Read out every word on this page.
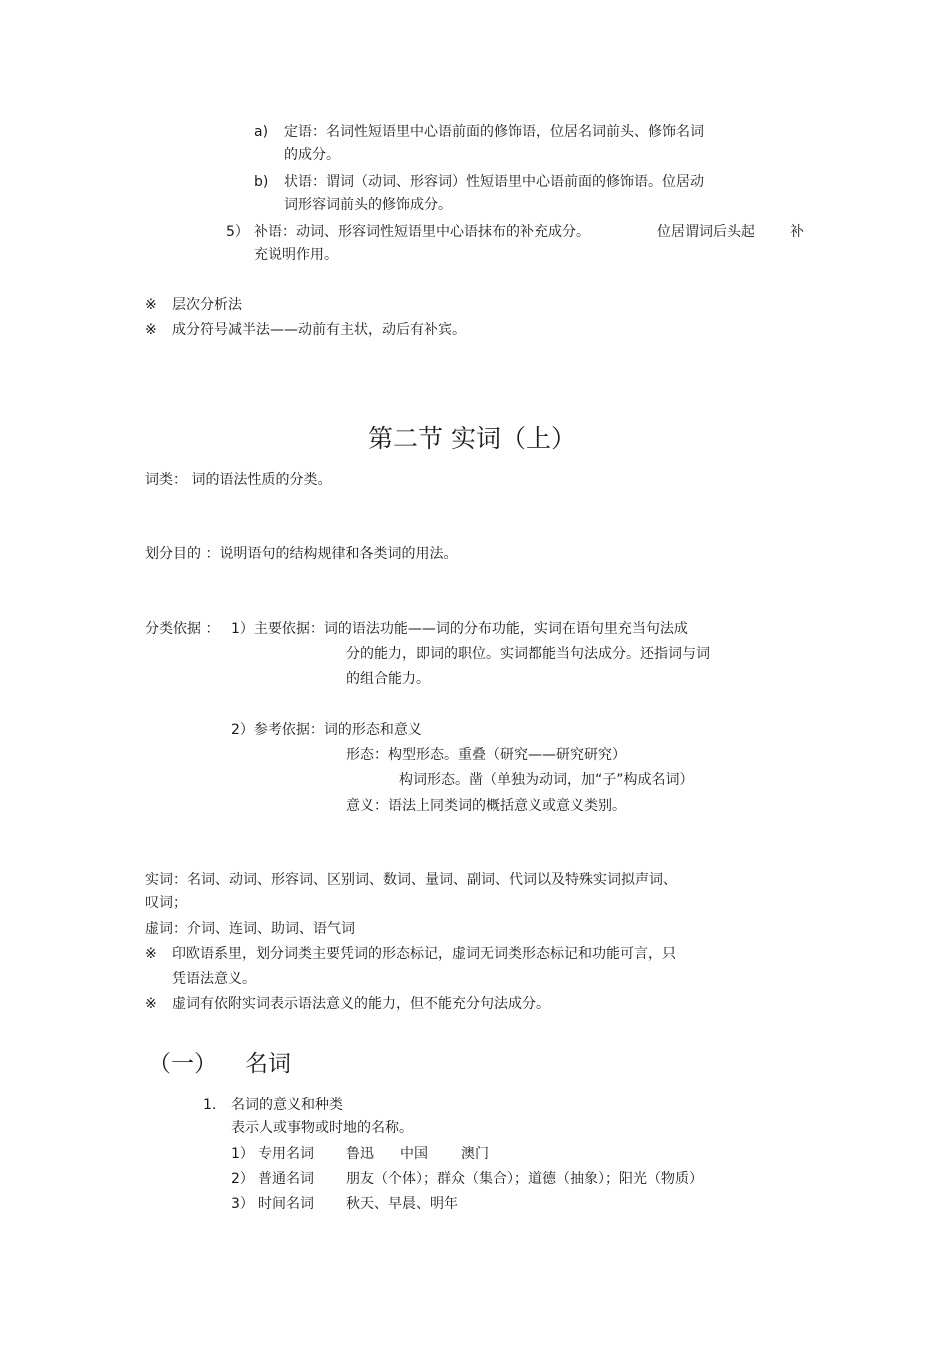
a) 定语：名词性短语里中心语前面的修饰语，位居名词前头、修饰名词
的成分。
b) 状语：谓词（动词、形容词）性短语里中心语前面的修饰语。位居动
词形容词前头的修饰成分。
5） 补语：动词、形容词性短语里中心语抹布的补充成分。	位居谓词后头起	补
充说明作用。
※ 层次分析法
※ 成分符号减半法——动前有主状，动后有补宾。
第二节 实词（上）
词类： 词的语法性质的分类。
划分目的 ：说明语句的结构规律和各类词的用法。
分类依据 ： 1）主要依据：词的语法功能——词的分布功能，实词在语句里充当句法成
分的能力，即词的职位。实词都能当句法成分。还指词与词
的组合能力。
2）参考依据：词的形态和意义
形态：构型形态。重叠（研究——研究研究）
构词形态。凿（单独为动词，加“子”构成名词）
意义：语法上同类词的概括意义或意义类别。
实词：名词、动词、形容词、区别词、数词、量词、副词、代词以及特殊实词拟声词、
叹词；
虚词：介词、连词、助词、语气词
※ 印欧语系里，划分词类主要凭词的形态标记，虚词无词类形态标记和功能可言，只
凭语法意义。
※ 虚词有依附实词表示语法意义的能力，但不能充分句法成分。
（一） 名词
1. 名词的意义和种类
表示人或事物或时地的名称。
1） 专用名词 鲁迅 中国 澳门
2） 普通名词 朋友（个体）；群众（集合）；道德（抽象）；阳光（物质）
3） 时间名词 秋天、早晨、明年
